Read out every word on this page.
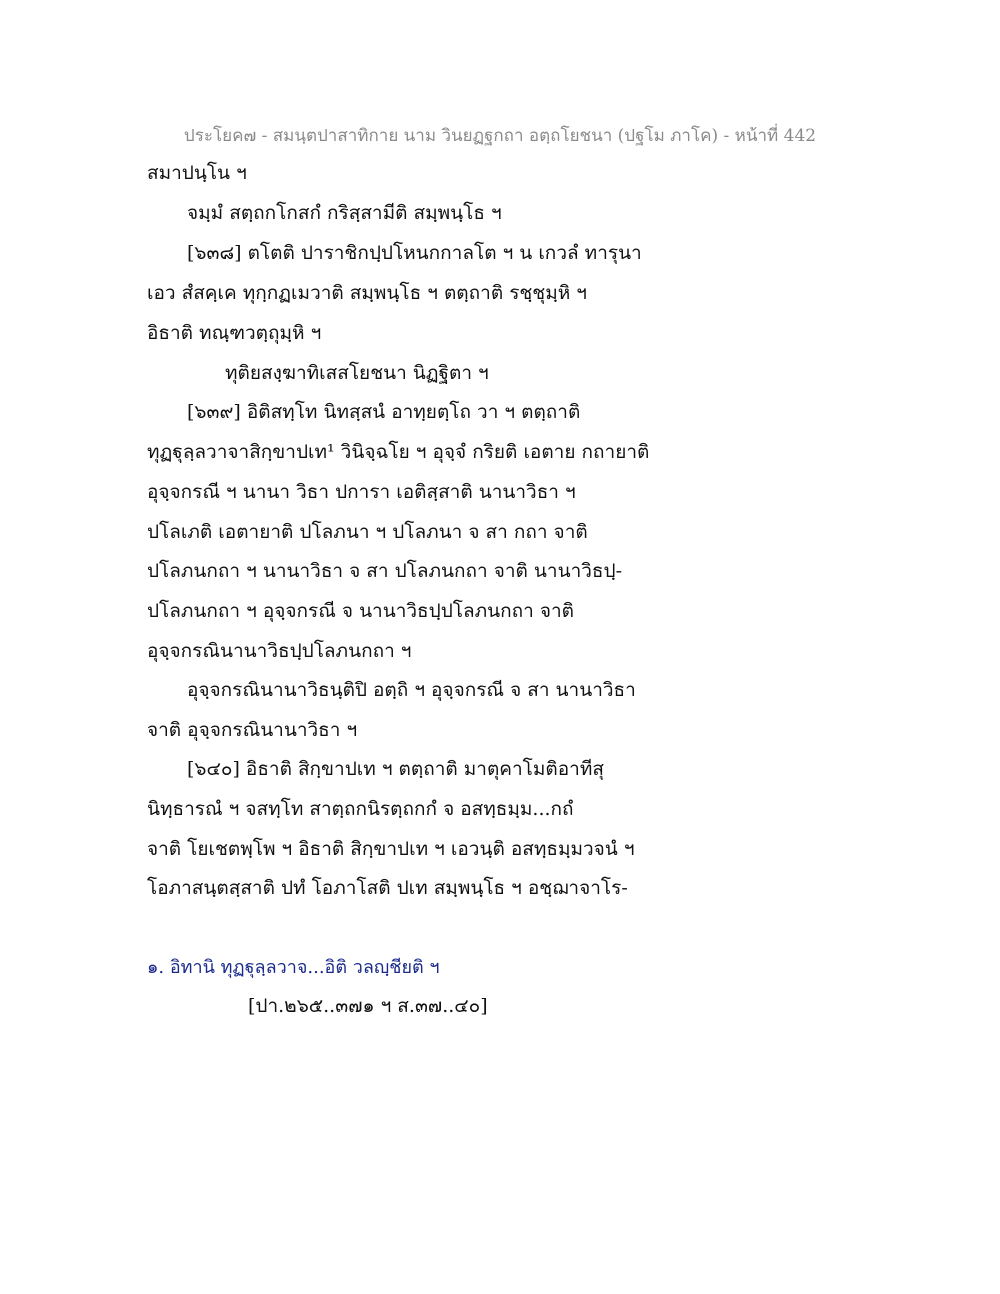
ประโยค๗ - สมนฺตปาสาทิกาย นาม วินยฏฐกถา อตฺถโยชนา (ปฐโม ภาโค) - หน้าที่ 442
สมาปนฺโน ฯ
จมฺมํ สตฺถกโกสกํ กริสฺสามีติ สมฺพนฺโธ ฯ
[๖๓๘] ตโตติ ปาราชิกปฺปโหนกกาลโต ฯ น เกวลํ ทารุนา
เอว สํสคฺเค ทุกฺกฏเมวาติ สมฺพนฺโธ ฯ ตตฺถาติ รชฺชุมฺหิ ฯ
อิธาติ ทณฺฑวตฺถุมฺหิ ฯ
ทุติยสงฺฆาทิเสสโยชนา นิฏฐิตา ฯ
[๖๓๙] อิติสทฺโท นิทสฺสนํ อาทฺยตฺโถ วา ฯ ตตฺถาติ
ทุฏฐุลฺลวาจาสิกฺขาปเท¹ วินิจฺฉโย ฯ อุจฺจํ กริยติ เอตาย กถายาติ
อุจฺจกรณี ฯ นานา วิธา ปการา เอติสฺสาติ นานาวิธา ฯ
ปโลเภติ เอตายาติ ปโลภนา ฯ ปโลภนา จ สา กถา จาติ
ปโลภนกถา ฯ นานาวิธา จ สา ปโลภนกถา จาติ นานาวิธปฺ-
ปโลภนกถา ฯ อุจฺจกรณี จ นานาวิธปฺปโลภนกถา จาติ
อุจฺจกรณินานาวิธปฺปโลภนกถา ฯ
อุจฺจกรณินานาวิธนฺติปิ อตฺถิ ฯ อุจฺจกรณี จ สา นานาวิธา
จาติ อุจฺจกรณินานาวิธา ฯ
[๖๔๐] อิธาติ สิกฺขาปเท ฯ ตตฺถาติ มาตุคาโมติอาทีสุ
นิทฺธารณํ ฯ จสทฺโท สาตฺถกนิรตฺถกกํ จ อสทฺธมฺม...กถํ
จาติ โยเชตพฺโพ ฯ อิธาติ สิกฺขาปเท ฯ เอวนฺติ อสทฺธมฺมวจนํ ฯ
โอภาสนฺตสฺสาติ ปทํ โอภาโสติ ปเท สมฺพนฺโธ ฯ อชฺฌาจาโร-
๑. อิทานิ ทุฏฐุลฺลวาจ...อิติ วลญฺชียติ ฯ
[ปา.๒๖๕..๓๗๑ ฯ ส.๓๗..๔๐]
